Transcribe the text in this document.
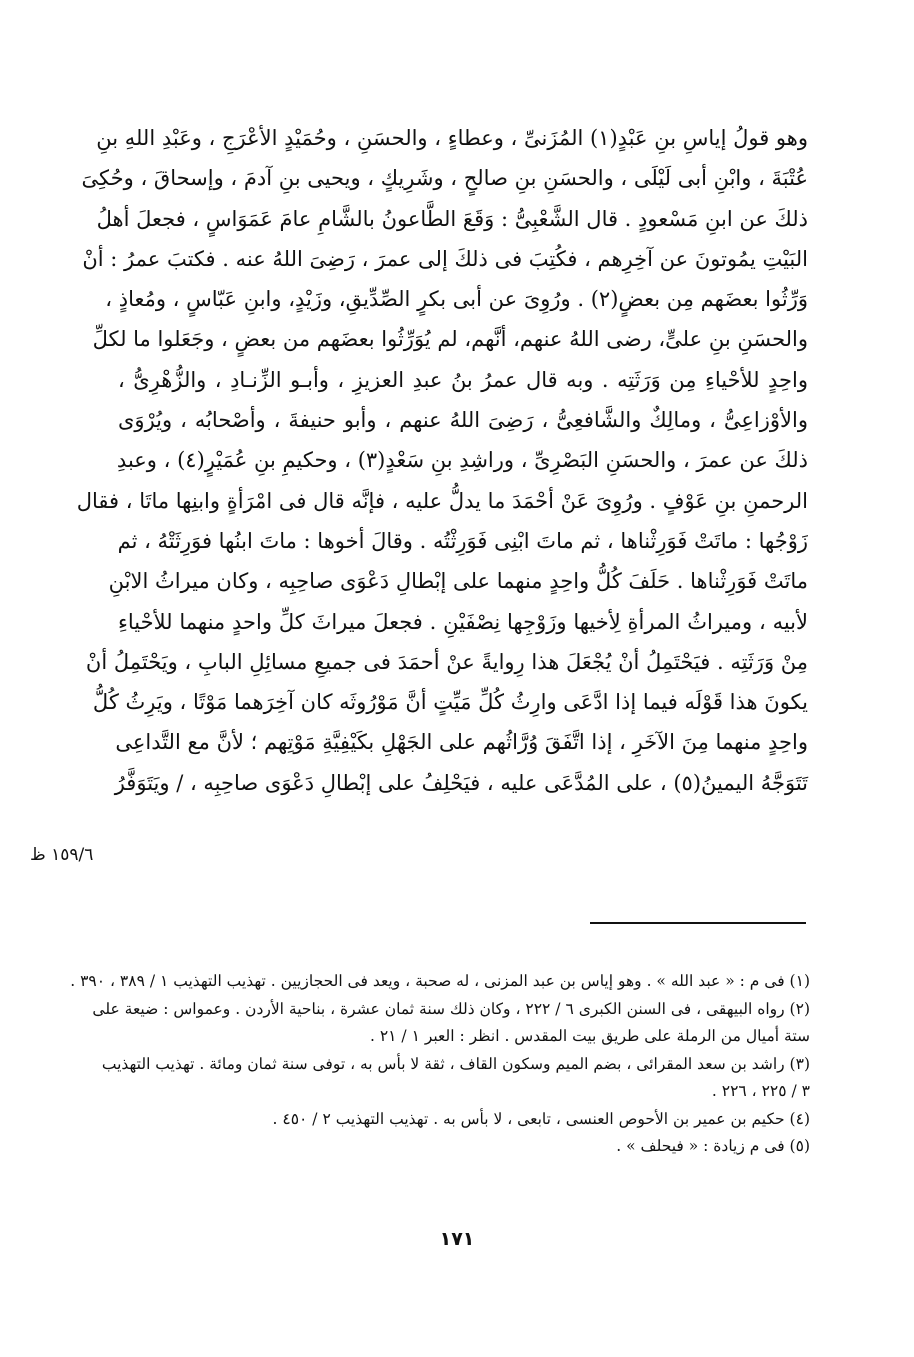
وهو قولُ إياسِ بنِ عَبْدٍ(١) المُزَنىِّ ، وعطاءٍ ، والحسَنِ ، وحُمَيْدٍ الأعْرَجِ ، وعَبْدِ اللهِ بنِ
عُتْبَةَ ، وابْنِ أبى لَيْلَى ، والحسَنِ بنِ صالحٍ ، وشَرِيكٍ ، ويحيى بنِ آدمَ ، وإسحاقَ ، وحُكِىَ
ذلكَ عن ابنِ مَسْعودٍ . قال الشَّعْبِىُّ : وَقَعَ الطَّاعونُ بالشَّامِ عامَ عَمَوَاسٍ ، فجعلَ أهلُ
البَيْتِ يمُوتونَ عن آخِرِهم ، فكُتِبَ فى ذلكَ إلى عمرَ ، رَضِىَ اللهُ عنه . فكتبَ عمرُ : أنْ
وَرِّثُوا بعضَهم مِن بعضٍ(٢) . ورُوِىَ عن أبى بكرٍ الصِّدِّيقِ، وزَيْدٍ، وابنِ عَبّاسٍ ، ومُعاذٍ ،
والحسَنِ بنِ علىٍّ، رضى اللهُ عنهم، أنَّهم، لم يُوَرِّثُوا بعضَهم من بعضٍ ، وجَعَلوا ما لكلِّ
واحِدٍ للأحْياءِ مِن وَرَثَتِه . وبه قال عمرُ بنُ عبدِ العزيزِ ، وأبـو الزِّنـادِ ، والزُّهْرِىُّ ،
والأوْزاعِىُّ ، ومالِكٌ والشَّافعِىُّ ، رَضِىَ اللهُ عنهم ، وأبو حنيفةَ ، وأصْحابُه ، ويُرْوَى
ذلكَ عن عمرَ ، والحسَنِ البَصْرِىِّ ، وراشِدِ بنِ سَعْدٍ(٣) ، وحكيمِ بنِ عُمَيْرٍ(٤) ، وعبدِ
الرحمنِ بنِ عَوْفٍ . ورُوِىَ عَنْ أحْمَدَ ما يدلُّ عليه ، فإنَّه قال فى امْرَأةٍ وابنِها ماتَا ، فقال
زَوْجُها : ماتَتْ فَوَرِثْناها ، ثم ماتَ ابْنِى فَوَرِثْتُه . وقالَ أخوها : ماتَ ابنُها فوَرِثَتْهُ ، ثم
ماتَتْ فَوَرِثْناها . حَلَفَ كُلُّ واحِدٍ منهما على إبْطالِ دَعْوَى صاحِبِه ، وكان ميراثُ الابْنِ
لأبيه ، وميراثُ المرأةِ لِأخيها وزَوْجِها نِصْفَيْنِ . فجعلَ ميراثَ كلِّ واحدٍ منهما للأحْياءِ
مِنْ وَرَثَتِه . فيَحْتَمِلُ أنْ يُجْعَلَ هذا رِوايةً عنْ أحمَدَ فى جميعِ مسائِلِ البابِ ، ويَحْتَمِلُ أنْ
يكونَ هذا قَوْلَه فيما إذا ادَّعَى وارِثُ كُلِّ مَيِّتٍ أنَّ مَوْرُوثَه كان آخِرَهما مَوْتًا ، ويَرِثُ كُلُّ
واحِدٍ منهما مِنَ الآخَرِ ، إذا اتَّفَقَ وُرَّاثُهم على الجَهْلِ بكَيْفِيَّةِ مَوْتِهم ؛ لأنَّ مع التَّداعِى
تَتَوَجَّهُ اليمينُ(٥) ، على المُدَّعَى عليه ، فيَحْلِفُ على إبْطالِ دَعْوَى صاحِبِه ، / ويَتَوَفَّرُ
١٥٩/٦ ظ
(١) فى م : « عبد الله » . وهو إياس بن عبد المزنى ، له صحبة ، ويعد فى الحجازيين . تهذيب التهذيب ١ / ٣٨٩ ، ٣٩٠ .
(٢) رواه البيهقى ، فى السنن الكبرى ٦ / ٢٢٢ ، وكان ذلك سنة ثمان عشرة ، بناحية الأردن . وعمواس : ضيعة على
ستة أميال من الرملة على طريق بيت المقدس . انظر : العبر ١ / ٢١ .
(٣) راشد بن سعد المقرائى ، بضم الميم وسكون القاف ، ثقة لا بأس به ، توفى سنة ثمان ومائة . تهذيب التهذيب
٣ / ٢٢٥ ، ٢٢٦ .
(٤) حكيم بن عمير بن الأحوص العنسى ، تابعى ، لا بأس به . تهذيب التهذيب ٢ / ٤٥٠ .
(٥) فى م زيادة : « فيحلف » .
١٧١
